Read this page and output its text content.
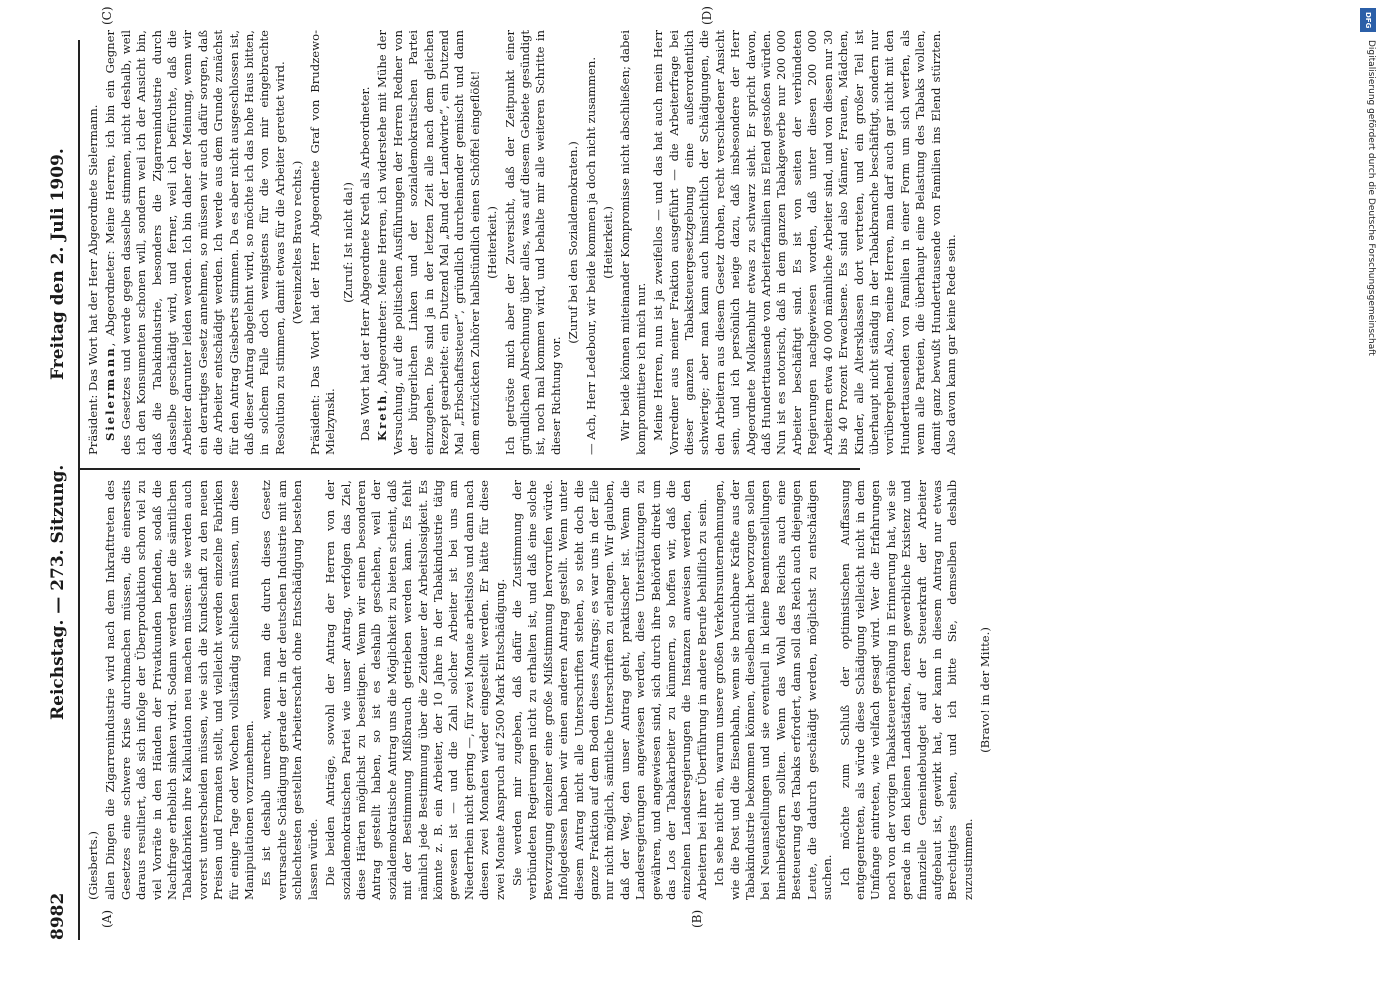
8982
Reichstag. — 273. Sitzung.
Freitag den 2. Juli 1909.
(A)	(B)
(C)	(D)

(Giesberts.) allen Dingen die Zigarrenindustrie wird nach dem Inkrafttreten des Gesetzes eine schwere Krise durchmachen müssen, die einerseits daraus resultiert, daß sich infolge der Überproduktion schon viel zu viel Vorräte in den Händen der Privatkunden befinden, sodaß die Nachfrage erheblich sinken wird. Sodann werden aber die sämtlichen Tabakfabriken ihre Kalkulation neu machen müssen: sie werden auch vorerst unterscheiden müssen, wie sich die Kundschaft zu den neuen Preisen und Formaten stellt, und vielleicht werden einzelne Fabriken für einige Tage oder Wochen vollständig schließen müssen, um diese Manipulationen vorzunehmen. Es ist deshalb unrecht, wenn man die durch dieses Gesetz verursachte Schädigung gerade der in der deutschen Industrie mit am schlechtesten gestellten Arbeiterschaft ohne Entschädigung bestehen lassen würde. Die beiden Anträge, sowohl der Antrag der Herren von der sozialdemokratischen Partei wie unser Antrag, verfolgen das Ziel, diese Härten möglichst zu beseitigen. Wenn wir einen besonderen Antrag gestellt haben, so ist es deshalb geschehen, weil der sozialdemokratische Antrag uns die Möglichkeit zu bieten scheint, daß mit der Bestimmung Mißbrauch getrieben werden kann. Es fehlt nämlich jede Bestimmung über die Zeitdauer der Arbeitslosigkeit. Es könnte z. B. ein Arbeiter, der 10 Jahre in der Tabakindustrie tätig gewesen ist — und die Zahl solcher Arbeiter ist bei uns am Niederrhein nicht gering —, für zwei Monate arbeitslos und dann nach diesen zwei Monaten wieder eingestellt werden. Er hätte für diese zwei Monate Anspruch auf 2500 Mark Entschädigung. Sie werden mir zugeben, daß dafür die Zustimmung der verbündeten Regierungen nicht zu erhalten ist, und daß eine solche Bevorzugung einzelner eine große Mißstimmung hervorrufen würde. Infolgedessen haben wir einen anderen Antrag gestellt. Wenn unter diesem Antrag nicht alle Unterschriften stehen, so steht doch die ganze Fraktion auf dem Boden dieses Antrags; es war uns in der Eile nur nicht möglich, sämtliche Unterschriften zu erlangen. Wir glauben, daß der Weg, den unser Antrag geht, praktischer ist. Wenn die Landesregierungen angewiesen werden, diese Unterstützungen zu gewähren, und angewiesen sind, sich durch ihre Behörden direkt um das Los der Tabakarbeiter zu kümmern, so hoffen wir, daß die einzelnen Landesregierungen die Instanzen anweisen werden, den Arbeitern bei ihrer Überführung in andere Berufe behilflich zu sein. Ich sehe nicht ein, warum unsere großen Verkehrsunternehmungen, wie die Post und die Eisenbahn, wenn sie brauchbare Kräfte aus der Tabakindustrie bekommen können, dieselben nicht bevorzugen sollen bei Neuanstellungen und sie eventuell in kleine Beamtenstellungen hineinbefördern sollten. Wenn das Wohl des Reichs auch eine Besteuerung des Tabaks erfordert, dann soll das Reich auch diejenigen Leute, die dadurch geschädigt werden, möglichst zu entschädigen suchen. Ich möchte zum Schluß der optimistischen Auffassung entgegentreten, als würde diese Schädigung vielleicht nicht in dem Umfange eintreten, wie vielfach gesagt wird. Wer die Erfahrungen noch von der vorigen Tabaksteuererhöhung in Erinnerung hat, wie sie gerade in den kleinen Landstädten, deren gewerbliche Existenz und finanzielle Gemeindebudget auf der Steuerkraft der Arbeiter aufgebaut ist, gewirkt hat, der kann in diesem Antrag nur etwas Berechtigtes sehen, und ich bitte Sie, demselben deshalb zuzustimmen.

(Bravo! in der Mitte.)

Präsident: Das Wort hat der Herr Abgeordnete Sielermann. Sielermann, Abgeordneter: Meine Herren, ich bin ein Gegner des Gesetzes und werde gegen dasselbe stimmen, nicht deshalb, weil ich den Konsumenten schonen will, sondern weil ich der Ansicht bin, daß die Tabakindustrie, besonders die Zigarrenindustrie durch dasselbe geschädigt wird, und ferner, weil ich befürchte, daß die Arbeiter darunter leiden werden. Ich bin daher der Meinung, wenn wir ein derartiges Gesetz annehmen, so müssen wir auch dafür sorgen, daß die Arbeiter entschädigt werden. Ich werde aus dem Grunde zunächst für den Antrag Giesberts stimmen. Da es aber nicht ausgeschlossen ist, daß dieser Antrag abgelehnt wird, so möchte ich das hohe Haus bitten, in solchem Falle doch wenigstens für die von mir eingebrachte Resolution zu stimmen, damit etwas für die Arbeiter gerettet wird. (Vereinzeltes Bravo rechts.) Präsident: Das Wort hat der Herr Abgeordnete Graf von Brudzewo-Mielzynski.

(Zuruf: Ist nicht da!) Das Wort hat der Herr Abgeordnete Kreth als Arbeordneter. Kreth, Abgeordneter: Meine Herren, ich widerstehe mit Mühe der Versuchung, auf die politischen Ausführungen der Herren Redner von der bürgerlichen Linken und der sozialdemokratischen Partei einzugehen. Die sind ja in der letzten Zeit alle nach dem gleichen Rezept gearbeitet: ein Dutzend Mal „Bund der Landwirte“, ein Dutzend Mal „Erbschaftssteuer“, gründlich durcheinander gemischt und dann dem entzückten Zuhörer halbstündlich einen Schöffel eingeflößt! (Heiterkeit.) Ich getröste mich aber der Zuversicht, daß der Zeitpunkt einer gründlichen Abrechnung über alles, was auf diesem Gebiete gesündigt ist, noch mal kommen wird, und behalte mir alle weiteren Schritte in dieser Richtung vor.

(Zuruf bei den Sozialdemokraten.) — Ach, Herr Ledebour, wir beide kommen ja doch nicht zusammen. (Heiterkeit.) Wir beide können miteinander Kompromisse nicht abschließen; dabei kompromittiere ich mich nur. Meine Herren, nun ist ja zweifellos — und das hat auch mein Herr Vorredner aus meiner Fraktion ausgeführt — die Arbeiterfrage bei dieser ganzen Tabaksteuergesetzgebung eine außerordentlich schwierige; aber man kann auch hinsichtlich der Schädigungen, die den Arbeitern aus diesem Gesetz drohen, recht verschiedener Ansicht sein, und ich persönlich neige dazu, daß insbesondere der Herr Abgeordnete Molkenbuhr etwas zu schwarz sieht. Er spricht davon, daß Hunderttausende von Arbeiterfamilien ins Elend gestoßen würden. Nun ist es notorisch, daß in dem ganzen Tabakgewerbe nur 200 000 Arbeiter beschäftigt sind. Es ist von seiten der verbündeten Regierungen nachgewiesen worden, daß unter diesen 200 000 Arbeitern etwa 40 000 männliche Arbeiter sind, und von diesen nur 30 bis 40 Prozent Erwachsene. Es sind also Männer, Frauen, Mädchen, Kinder, alle Altersklassen dort vertreten, und ein großer Teil ist überhaupt nicht ständig in der Tabakbranche beschäftigt, sondern nur vorübergehend. Also, meine Herren, man darf auch gar nicht mit den Hunderttausenden von Familien in einer Form um sich werfen, als wenn alle Parteien, die überhaupt eine Belastung des Tabaks wollen, damit ganz bewußt Hunderttausende von Familien ins Elend stürzten. Also davon kann gar keine Rede sein.

DFG
Digitalisierung gefördert durch die Deutsche Forschungsgemeinschaft
